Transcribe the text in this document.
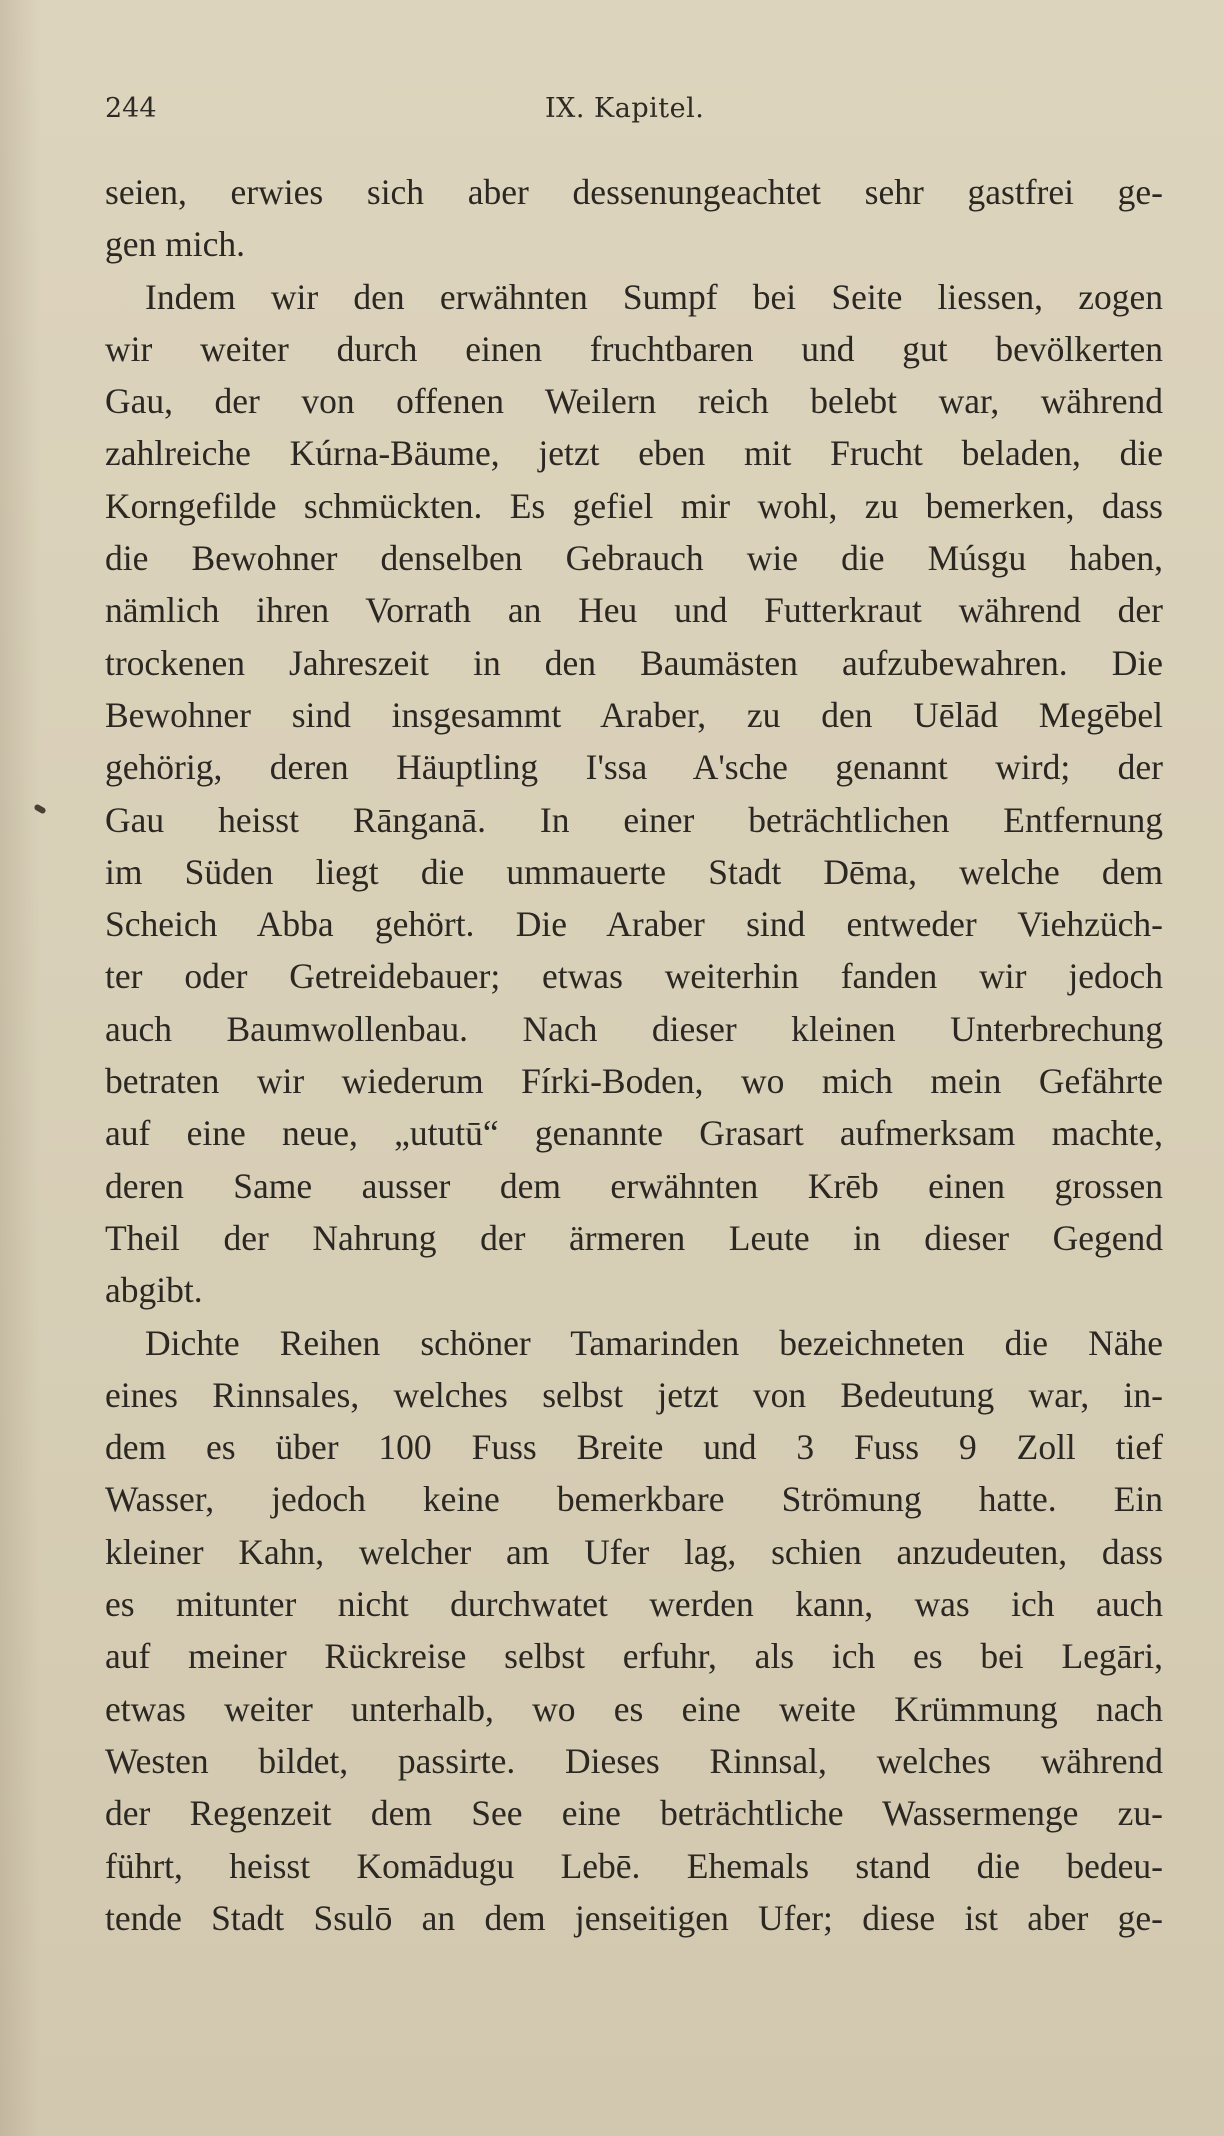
244	IX. Kapitel.
seien, erwies sich aber dessenungeachtet sehr gastfrei ge-
gen mich.
Indem wir den erwähnten Sumpf bei Seite liessen, zogen
wir weiter durch einen fruchtbaren und gut bevölkerten
Gau, der von offenen Weilern reich belebt war, während
zahlreiche Kúrna-Bäume, jetzt eben mit Frucht beladen, die
Korngefilde schmückten. Es gefiel mir wohl, zu bemerken, dass
die Bewohner denselben Gebrauch wie die Músgu haben,
nämlich ihren Vorrath an Heu und Futterkraut während der
trockenen Jahreszeit in den Baumästen aufzubewahren. Die
Bewohner sind insgesammt Araber, zu den Uēlād Megēbel
gehörig, deren Häuptling I'ssa A'sche genannt wird; der
Gau heisst Rānganā. In einer beträchtlichen Entfernung
im Süden liegt die ummauerte Stadt Dēma, welche dem
Scheich Abba gehört. Die Araber sind entweder Viehzüch-
ter oder Getreidebauer; etwas weiterhin fanden wir jedoch
auch Baumwollenbau. Nach dieser kleinen Unterbrechung
betraten wir wiederum Fírki-Boden, wo mich mein Gefährte
auf eine neue, „ututū“ genannte Grasart aufmerksam machte,
deren Same ausser dem erwähnten Krēb einen grossen
Theil der Nahrung der ärmeren Leute in dieser Gegend
abgibt.
Dichte Reihen schöner Tamarinden bezeichneten die Nähe
eines Rinnsales, welches selbst jetzt von Bedeutung war, in-
dem es über 100 Fuss Breite und 3 Fuss 9 Zoll tief
Wasser, jedoch keine bemerkbare Strömung hatte. Ein
kleiner Kahn, welcher am Ufer lag, schien anzudeuten, dass
es mitunter nicht durchwatet werden kann, was ich auch
auf meiner Rückreise selbst erfuhr, als ich es bei Legāri,
etwas weiter unterhalb, wo es eine weite Krümmung nach
Westen bildet, passirte. Dieses Rinnsal, welches während
der Regenzeit dem See eine beträchtliche Wassermenge zu-
führt, heisst Komādugu Lebē. Ehemals stand die bedeu-
tende Stadt Ssulō an dem jenseitigen Ufer; diese ist aber ge-
